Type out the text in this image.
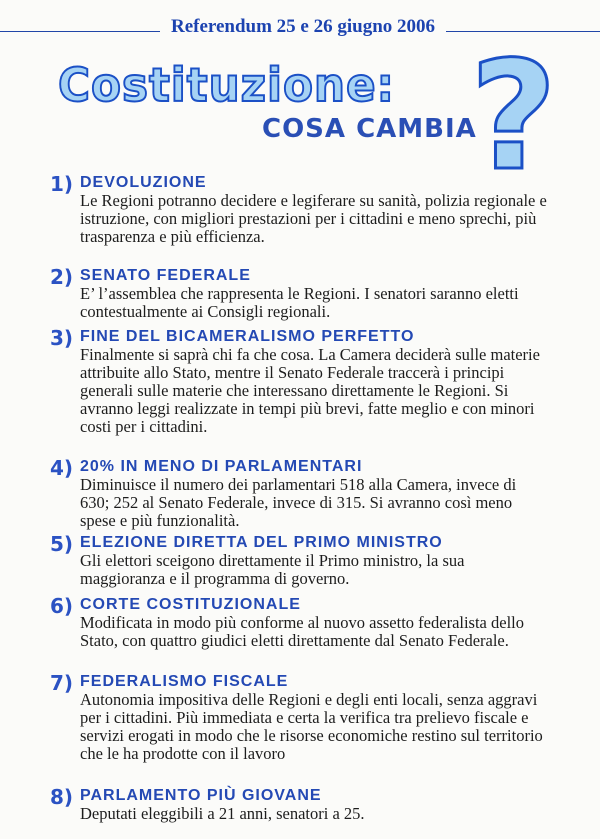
Referendum 25 e 26 giugno 2006
Costituzione:
COSA CAMBIA
?
1) DEVOLUZIONE
Le Regioni potranno decidere e legiferare su sanità, polizia regionale e istruzione, con migliori prestazioni per i cittadini e meno sprechi, più trasparenza e più efficienza.
2) SENATO FEDERALE
E’ l’assemblea che rappresenta le Regioni. I senatori saranno eletti contestualmente ai Consigli regionali.
3) FINE DEL BICAMERALISMO PERFETTO
Finalmente si saprà chi fa che cosa. La Camera deciderà sulle materie attribuite allo Stato, mentre il Senato Federale traccerà i principi generali sulle materie che interessano direttamente le Regioni. Si avranno leggi realizzate in tempi più brevi, fatte meglio e con minori costi per i cittadini.
4) 20% IN MENO DI PARLAMENTARI
Diminuisce il numero dei parlamentari 518 alla Camera, invece di 630; 252 al Senato Federale, invece di 315. Si avranno così meno spese e più funzionalità.
5) ELEZIONE DIRETTA DEL PRIMO MINISTRO
Gli elettori sceigono direttamente il Primo ministro, la sua maggioranza e il programma di governo.
6) CORTE COSTITUZIONALE
Modificata in modo più conforme al nuovo assetto federalista dello Stato, con quattro giudici eletti direttamente dal Senato Federale.
7) FEDERALISMO FISCALE
Autonomia impositiva delle Regioni e degli enti locali, senza aggravi per i cittadini. Più immediata e certa la verifica tra prelievo fiscale e servizi erogati in modo che le risorse economiche restino sul territorio che le ha prodotte con il lavoro
8) PARLAMENTO PIÙ GIOVANE
Deputati eleggibili a 21 anni, senatori a 25.
